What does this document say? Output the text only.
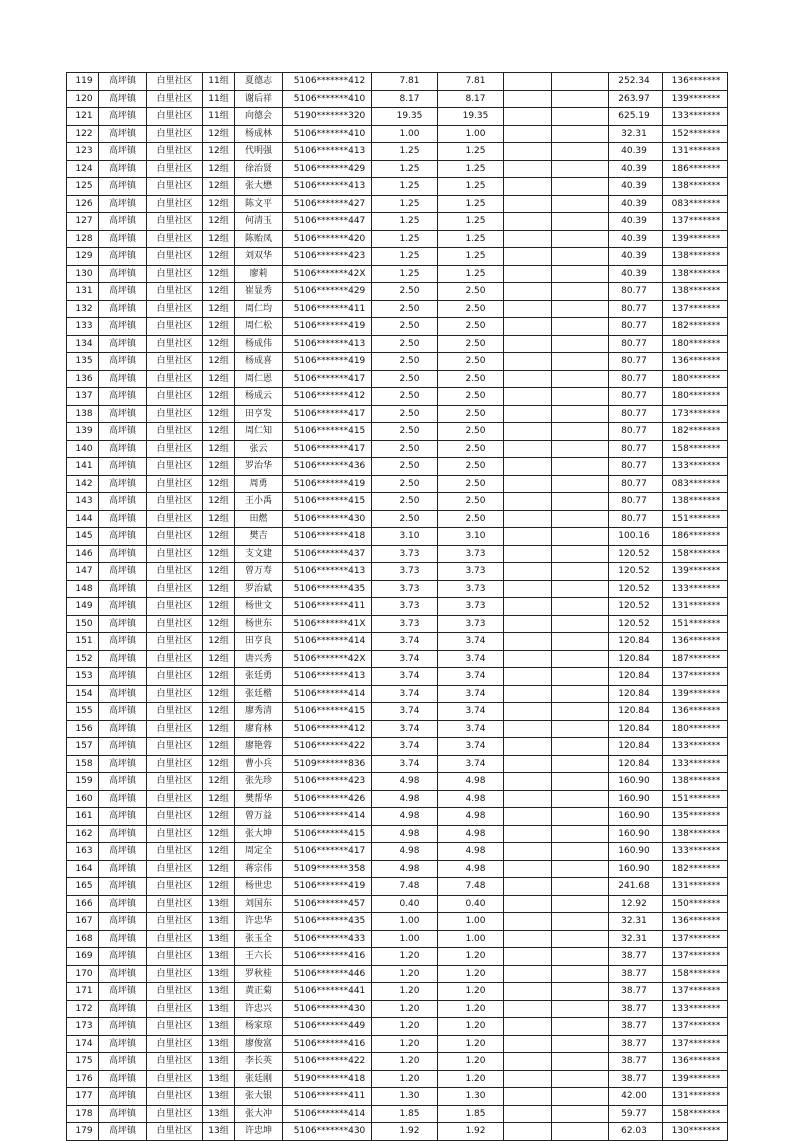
119	高坪镇	白里社区	11组	夏德志	5106*******412	7.81	7.81			252.34	136*******
120	高坪镇	白里社区	11组	谢后祥	5106*******410	8.17	8.17			263.97	139*******
121	高坪镇	白里社区	11组	向德会	5190*******320	19.35	19.35			625.19	133*******
122	高坪镇	白里社区	12组	杨成林	5106*******410	1.00	1.00			32.31	152*******
123	高坪镇	白里社区	12组	代明强	5106*******413	1.25	1.25			40.39	131*******
124	高坪镇	白里社区	12组	徐治贤	5106*******429	1.25	1.25			40.39	186*******
125	高坪镇	白里社区	12组	张大懋	5106*******413	1.25	1.25			40.39	138*******
126	高坪镇	白里社区	12组	陈文平	5106*******427	1.25	1.25			40.39	083*******
127	高坪镇	白里社区	12组	何清玉	5106*******447	1.25	1.25			40.39	137*******
128	高坪镇	白里社区	12组	陈贻凤	5106*******420	1.25	1.25			40.39	139*******
129	高坪镇	白里社区	12组	刘双华	5106*******423	1.25	1.25			40.39	138*******
130	高坪镇	白里社区	12组	廖莉	5106*******42X	1.25	1.25			40.39	138*******
131	高坪镇	白里社区	12组	崔显秀	5106*******429	2.50	2.50			80.77	138*******
132	高坪镇	白里社区	12组	周仁均	5106*******411	2.50	2.50			80.77	137*******
133	高坪镇	白里社区	12组	周仁松	5106*******419	2.50	2.50			80.77	182*******
134	高坪镇	白里社区	12组	杨成伟	5106*******413	2.50	2.50			80.77	180*******
135	高坪镇	白里社区	12组	杨成喜	5106*******419	2.50	2.50			80.77	136*******
136	高坪镇	白里社区	12组	周仁恩	5106*******417	2.50	2.50			80.77	180*******
137	高坪镇	白里社区	12组	杨成云	5106*******412	2.50	2.50			80.77	180*******
138	高坪镇	白里社区	12组	田亨发	5106*******417	2.50	2.50			80.77	173*******
139	高坪镇	白里社区	12组	周仁知	5106*******415	2.50	2.50			80.77	182*******
140	高坪镇	白里社区	12组	张云	5106*******417	2.50	2.50			80.77	158*******
141	高坪镇	白里社区	12组	罗治华	5106*******436	2.50	2.50			80.77	133*******
142	高坪镇	白里社区	12组	周勇	5106*******419	2.50	2.50			80.77	083*******
143	高坪镇	白里社区	12组	王小禹	5106*******415	2.50	2.50			80.77	138*******
144	高坪镇	白里社区	12组	田燃	5106*******430	2.50	2.50			80.77	151*******
145	高坪镇	白里社区	12组	樊吉	5106*******418	3.10	3.10			100.16	186*******
146	高坪镇	白里社区	12组	支文建	5106*******437	3.73	3.73			120.52	158*******
147	高坪镇	白里社区	12组	曾万寿	5106*******413	3.73	3.73			120.52	139*******
148	高坪镇	白里社区	12组	罗治斌	5106*******435	3.73	3.73			120.52	133*******
149	高坪镇	白里社区	12组	杨世文	5106*******411	3.73	3.73			120.52	131*******
150	高坪镇	白里社区	12组	杨世东	5106*******41X	3.73	3.73			120.52	151*******
151	高坪镇	白里社区	12组	田亨良	5106*******414	3.74	3.74			120.84	136*******
152	高坪镇	白里社区	12组	唐兴秀	5106*******42X	3.74	3.74			120.84	187*******
153	高坪镇	白里社区	12组	张廷勇	5106*******413	3.74	3.74			120.84	137*******
154	高坪镇	白里社区	12组	张廷楷	5106*******414	3.74	3.74			120.84	139*******
155	高坪镇	白里社区	12组	廖秀清	5106*******415	3.74	3.74			120.84	136*******
156	高坪镇	白里社区	12组	廖育林	5106*******412	3.74	3.74			120.84	180*******
157	高坪镇	白里社区	12组	廖艳蓉	5106*******422	3.74	3.74			120.84	133*******
158	高坪镇	白里社区	12组	曹小兵	5109*******836	3.74	3.74			120.84	133*******
159	高坪镇	白里社区	12组	张先珍	5106*******423	4.98	4.98			160.90	138*******
160	高坪镇	白里社区	12组	樊帮华	5106*******426	4.98	4.98			160.90	151*******
161	高坪镇	白里社区	12组	曾万益	5106*******414	4.98	4.98			160.90	135*******
162	高坪镇	白里社区	12组	张大坤	5106*******415	4.98	4.98			160.90	138*******
163	高坪镇	白里社区	12组	周定全	5106*******417	4.98	4.98			160.90	133*******
164	高坪镇	白里社区	12组	蒋宗伟	5109*******358	4.98	4.98			160.90	182*******
165	高坪镇	白里社区	12组	杨世忠	5106*******419	7.48	7.48			241.68	131*******
166	高坪镇	白里社区	13组	刘国东	5106*******457	0.40	0.40			12.92	150*******
167	高坪镇	白里社区	13组	许忠华	5106*******435	1.00	1.00			32.31	136*******
168	高坪镇	白里社区	13组	张玉全	5106*******433	1.00	1.00			32.31	137*******
169	高坪镇	白里社区	13组	王六长	5106*******416	1.20	1.20			38.77	137*******
170	高坪镇	白里社区	13组	罗秋桂	5106*******446	1.20	1.20			38.77	158*******
171	高坪镇	白里社区	13组	黄正菊	5106*******441	1.20	1.20			38.77	137*******
172	高坪镇	白里社区	13组	许忠兴	5106*******430	1.20	1.20			38.77	133*******
173	高坪镇	白里社区	13组	杨家琼	5106*******449	1.20	1.20			38.77	137*******
174	高坪镇	白里社区	13组	廖俊富	5106*******416	1.20	1.20			38.77	137*******
175	高坪镇	白里社区	13组	李长英	5106*******422	1.20	1.20			38.77	136*******
176	高坪镇	白里社区	13组	张廷刚	5190*******418	1.20	1.20			38.77	139*******
177	高坪镇	白里社区	13组	张大银	5106*******411	1.30	1.30			42.00	131*******
178	高坪镇	白里社区	13组	张大冲	5106*******414	1.85	1.85			59.77	158*******
179	高坪镇	白里社区	13组	许忠坤	5106*******430	1.92	1.92			62.03	130*******
